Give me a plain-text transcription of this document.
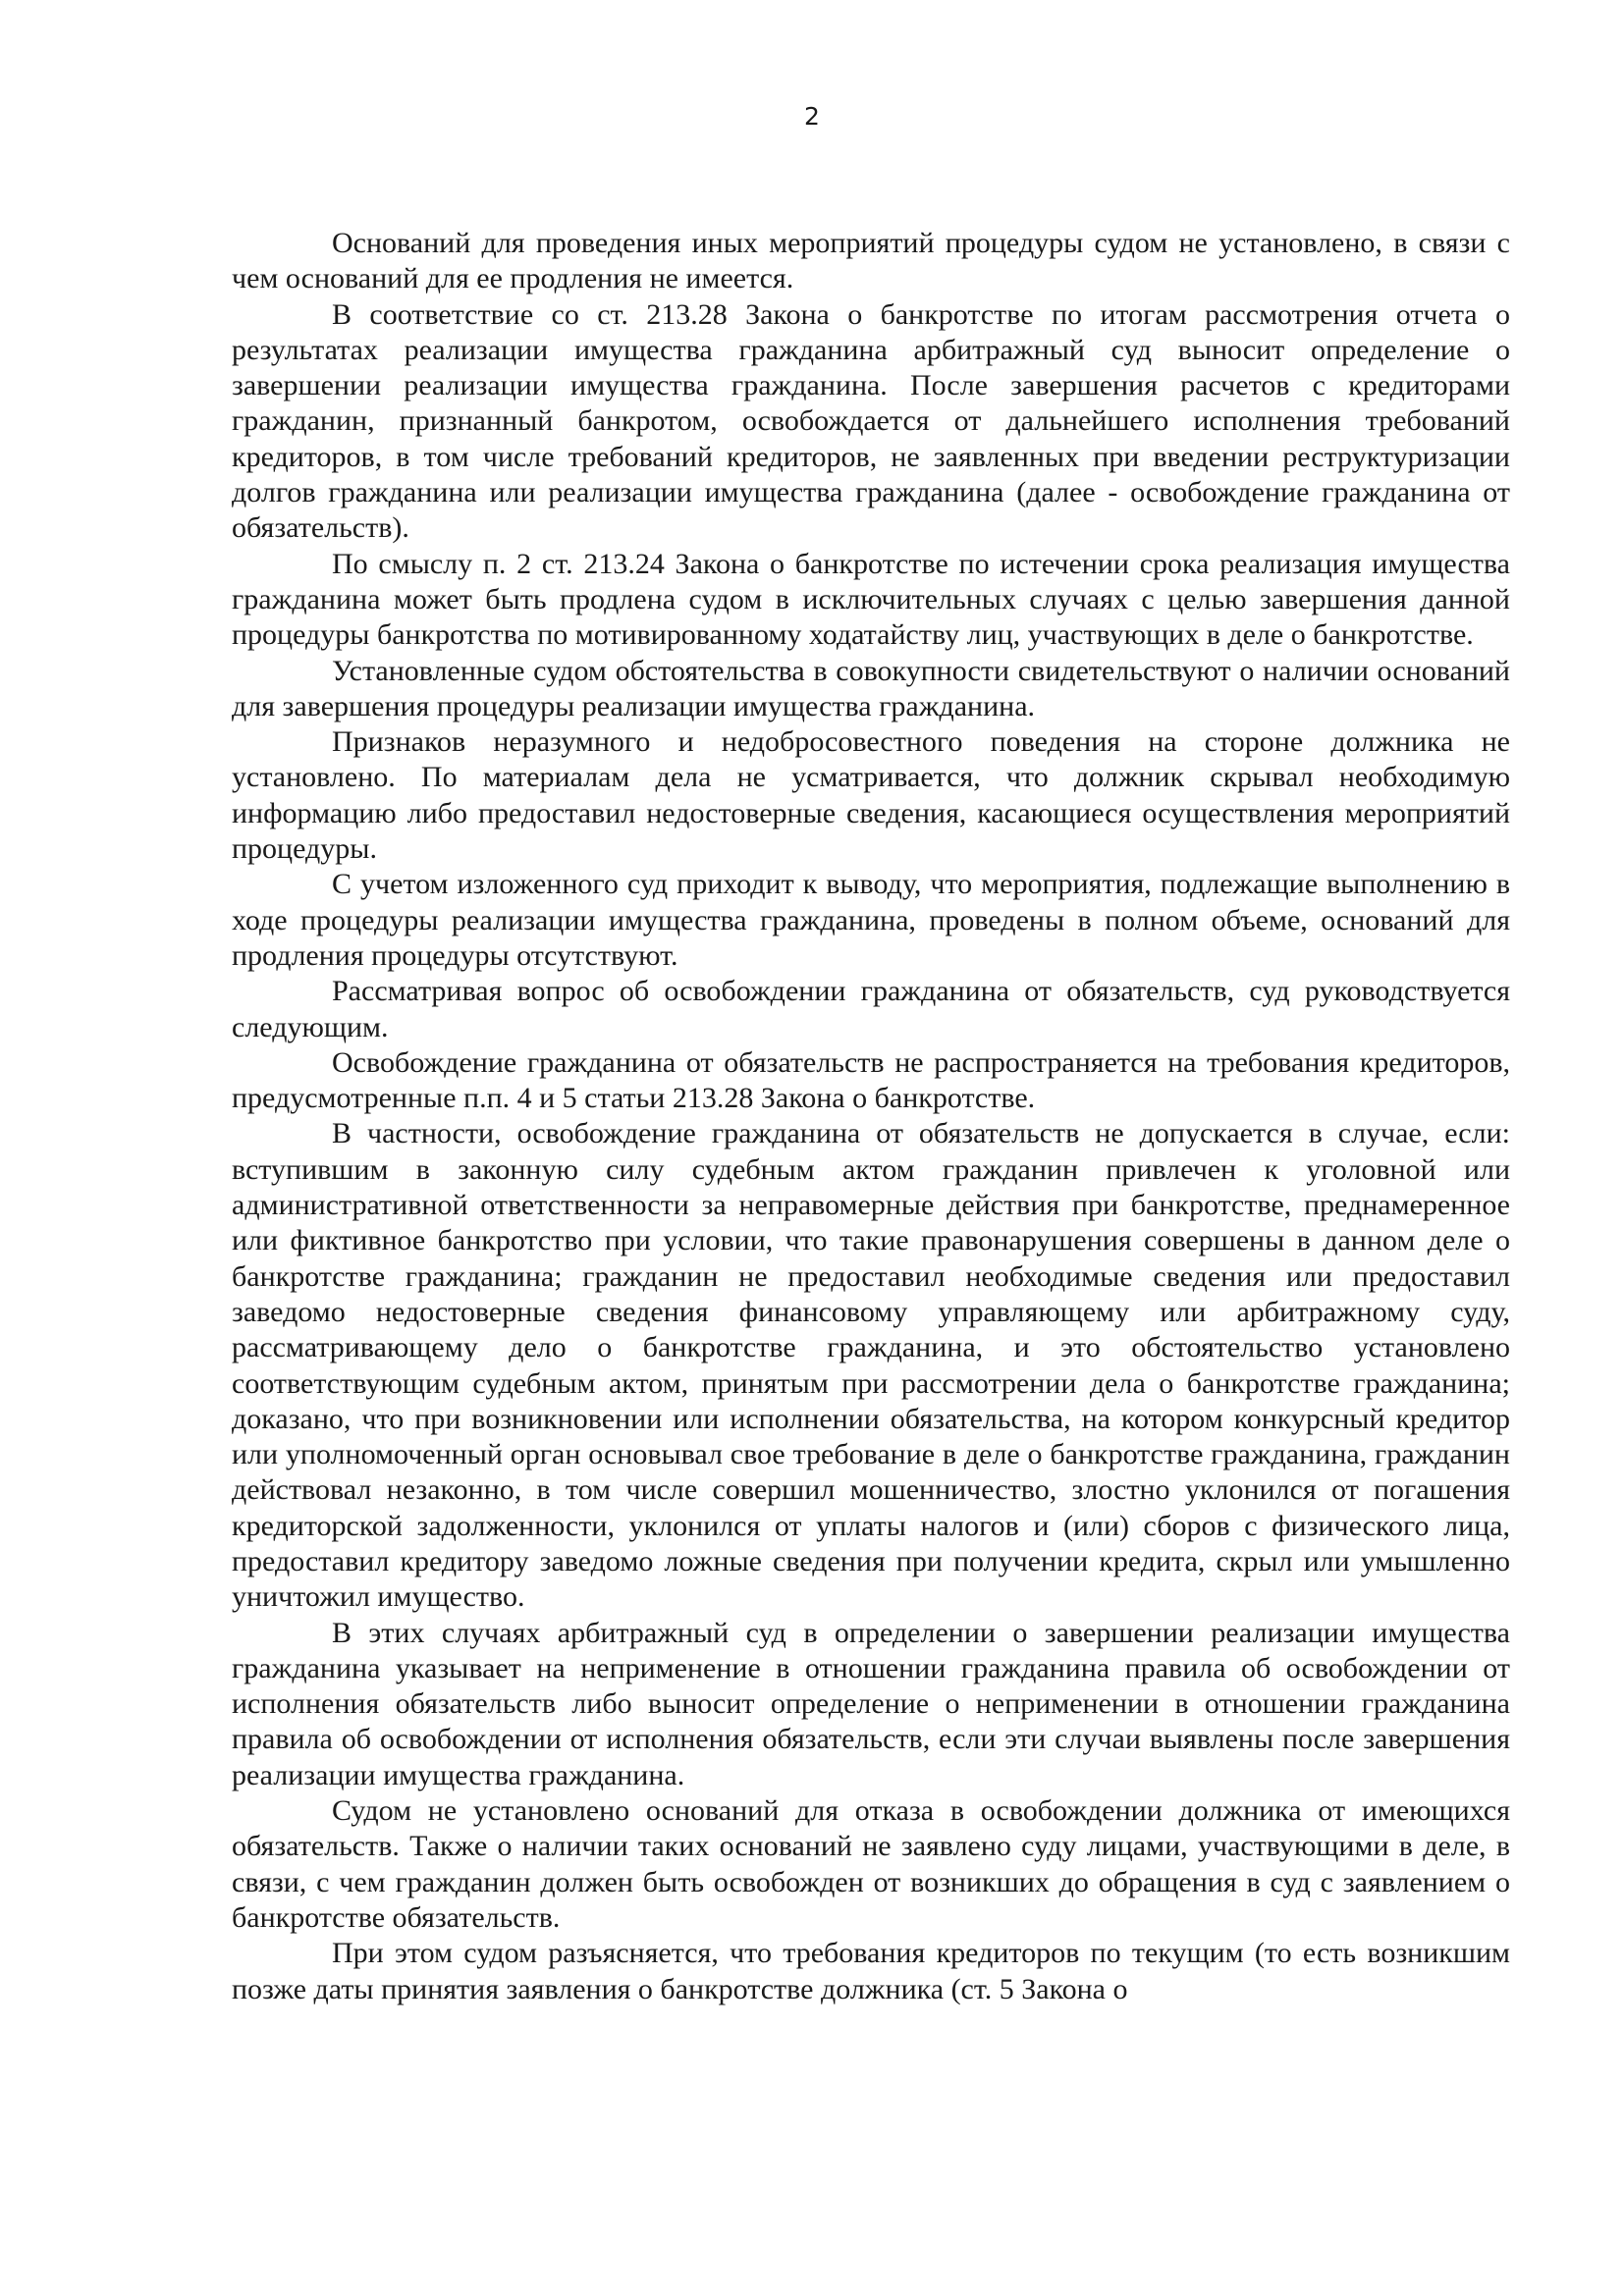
2

Оснований для проведения иных мероприятий процедуры судом не установлено, в связи с чем оснований для ее продления не имеется.

В соответствие со ст. 213.28 Закона о банкротстве по итогам рассмотрения отчета о результатах реализации имущества гражданина арбитражный суд выносит определение о завершении реализации имущества гражданина. После завершения расчетов с кредиторами гражданин, признанный банкротом, освобождается от дальнейшего исполнения требований кредиторов, в том числе требований кредиторов, не заявленных при введении реструктуризации долгов гражданина или реализации имущества гражданина (далее - освобождение гражданина от обязательств).

По смыслу п. 2 ст. 213.24 Закона о банкротстве по истечении срока реализация имущества гражданина может быть продлена судом в исключительных случаях с целью завершения данной процедуры банкротства по мотивированному ходатайству лиц, участвующих в деле о банкротстве.

Установленные судом обстоятельства в совокупности свидетельствуют о наличии оснований для завершения процедуры реализации имущества гражданина.

Признаков неразумного и недобросовестного поведения на стороне должника не установлено. По материалам дела не усматривается, что должник скрывал необходимую информацию либо предоставил недостоверные сведения, касающиеся осуществления мероприятий процедуры.

С учетом изложенного суд приходит к выводу, что мероприятия, подлежащие выполнению в ходе процедуры реализации имущества гражданина, проведены в полном объеме, оснований для продления процедуры отсутствуют.

Рассматривая вопрос об освобождении гражданина от обязательств, суд руководствуется следующим.

Освобождение гражданина от обязательств не распространяется на требования кредиторов, предусмотренные п.п. 4 и 5 статьи 213.28 Закона о банкротстве.

В частности, освобождение гражданина от обязательств не допускается в случае, если: вступившим в законную силу судебным актом гражданин привлечен к уголовной или административной ответственности за неправомерные действия при банкротстве, преднамеренное или фиктивное банкротство при условии, что такие правонарушения совершены в данном деле о банкротстве гражданина; гражданин не предоставил необходимые сведения или предоставил заведомо недостоверные сведения финансовому управляющему или арбитражному суду, рассматривающему дело о банкротстве гражданина, и это обстоятельство установлено соответствующим судебным актом, принятым при рассмотрении дела о банкротстве гражданина; доказано, что при возникновении или исполнении обязательства, на котором конкурсный кредитор или уполномоченный орган основывал свое требование в деле о банкротстве гражданина, гражданин действовал незаконно, в том числе совершил мошенничество, злостно уклонился от погашения кредиторской задолженности, уклонился от уплаты налогов и (или) сборов с физического лица, предоставил кредитору заведомо ложные сведения при получении кредита, скрыл или умышленно уничтожил имущество.

В этих случаях арбитражный суд в определении о завершении реализации имущества гражданина указывает на неприменение в отношении гражданина правила об освобождении от исполнения обязательств либо выносит определение о неприменении в отношении гражданина правила об освобождении от исполнения обязательств, если эти случаи выявлены после завершения реализации имущества гражданина.

Судом не установлено оснований для отказа в освобождении должника от имеющихся обязательств. Также о наличии таких оснований не заявлено суду лицами, участвующими в деле, в связи, с чем гражданин должен быть освобожден от возникших до обращения в суд с заявлением о банкротстве обязательств.

При этом судом разъясняется, что требования кредиторов по текущим (то есть возникшим позже даты принятия заявления о банкротстве должника (ст. 5 Закона о
